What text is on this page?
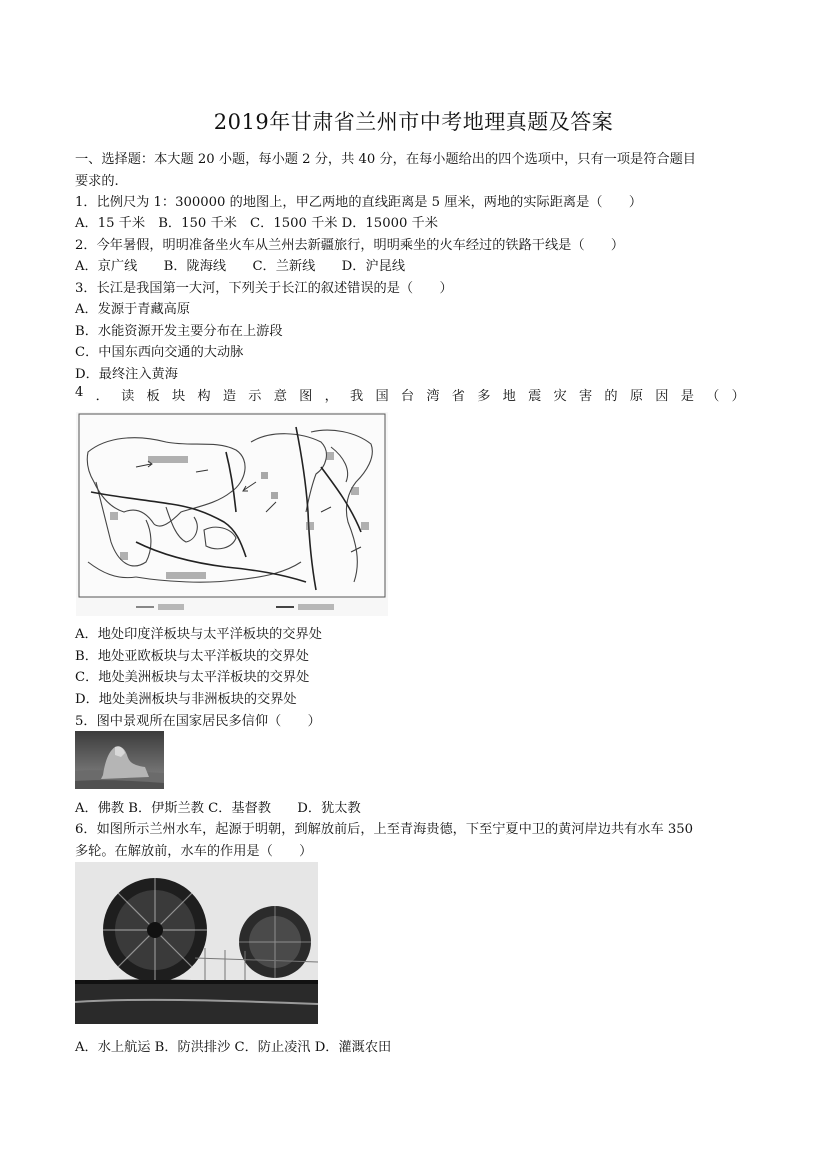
2019年甘肃省兰州市中考地理真题及答案
一、选择题：本大题 20 小题，每小题 2 分，共 40 分，在每小题给出的四个选项中，只有一项是符合题目
要求的.
1．比例尺为 1：300000 的地图上，甲乙两地的直线距离是 5 厘米，两地的实际距离是（　　）
A．15 千米　B．150 千米　C．1500 千米 D．15000 千米
2．今年暑假，明明准备坐火车从兰州去新疆旅行，明明乘坐的火车经过的铁路干线是（　　）
A．京广线　　B．陇海线　　C．兰新线　　D．沪昆线
3．长江是我国第一大河，下列关于长江的叙述错误的是（　　）
A．发源于青藏高原
B．水能资源开发主要分布在上游段
C．中国东西向交通的大动脉
D．最终注入黄海
4 ． 读 板 块 构 造 示 意 图 ， 我 国 台 湾 省 多 地 震 灾 害 的 原 因 是 （ ）
A．地处印度洋板块与太平洋板块的交界处
B．地处亚欧板块与太平洋板块的交界处
C．地处美洲板块与太平洋板块的交界处
D．地处美洲板块与非洲板块的交界处
5．图中景观所在国家居民多信仰（　　）
A．佛教 B．伊斯兰教 C．基督教　　D．犹太教
6．如图所示兰州水车，起源于明朝，到解放前后，上至青海贵德，下至宁夏中卫的黄河岸边共有水车 350
多轮。在解放前，水车的作用是（　　）
A．水上航运 B．防洪排沙 C．防止凌汛 D．灌溉农田
